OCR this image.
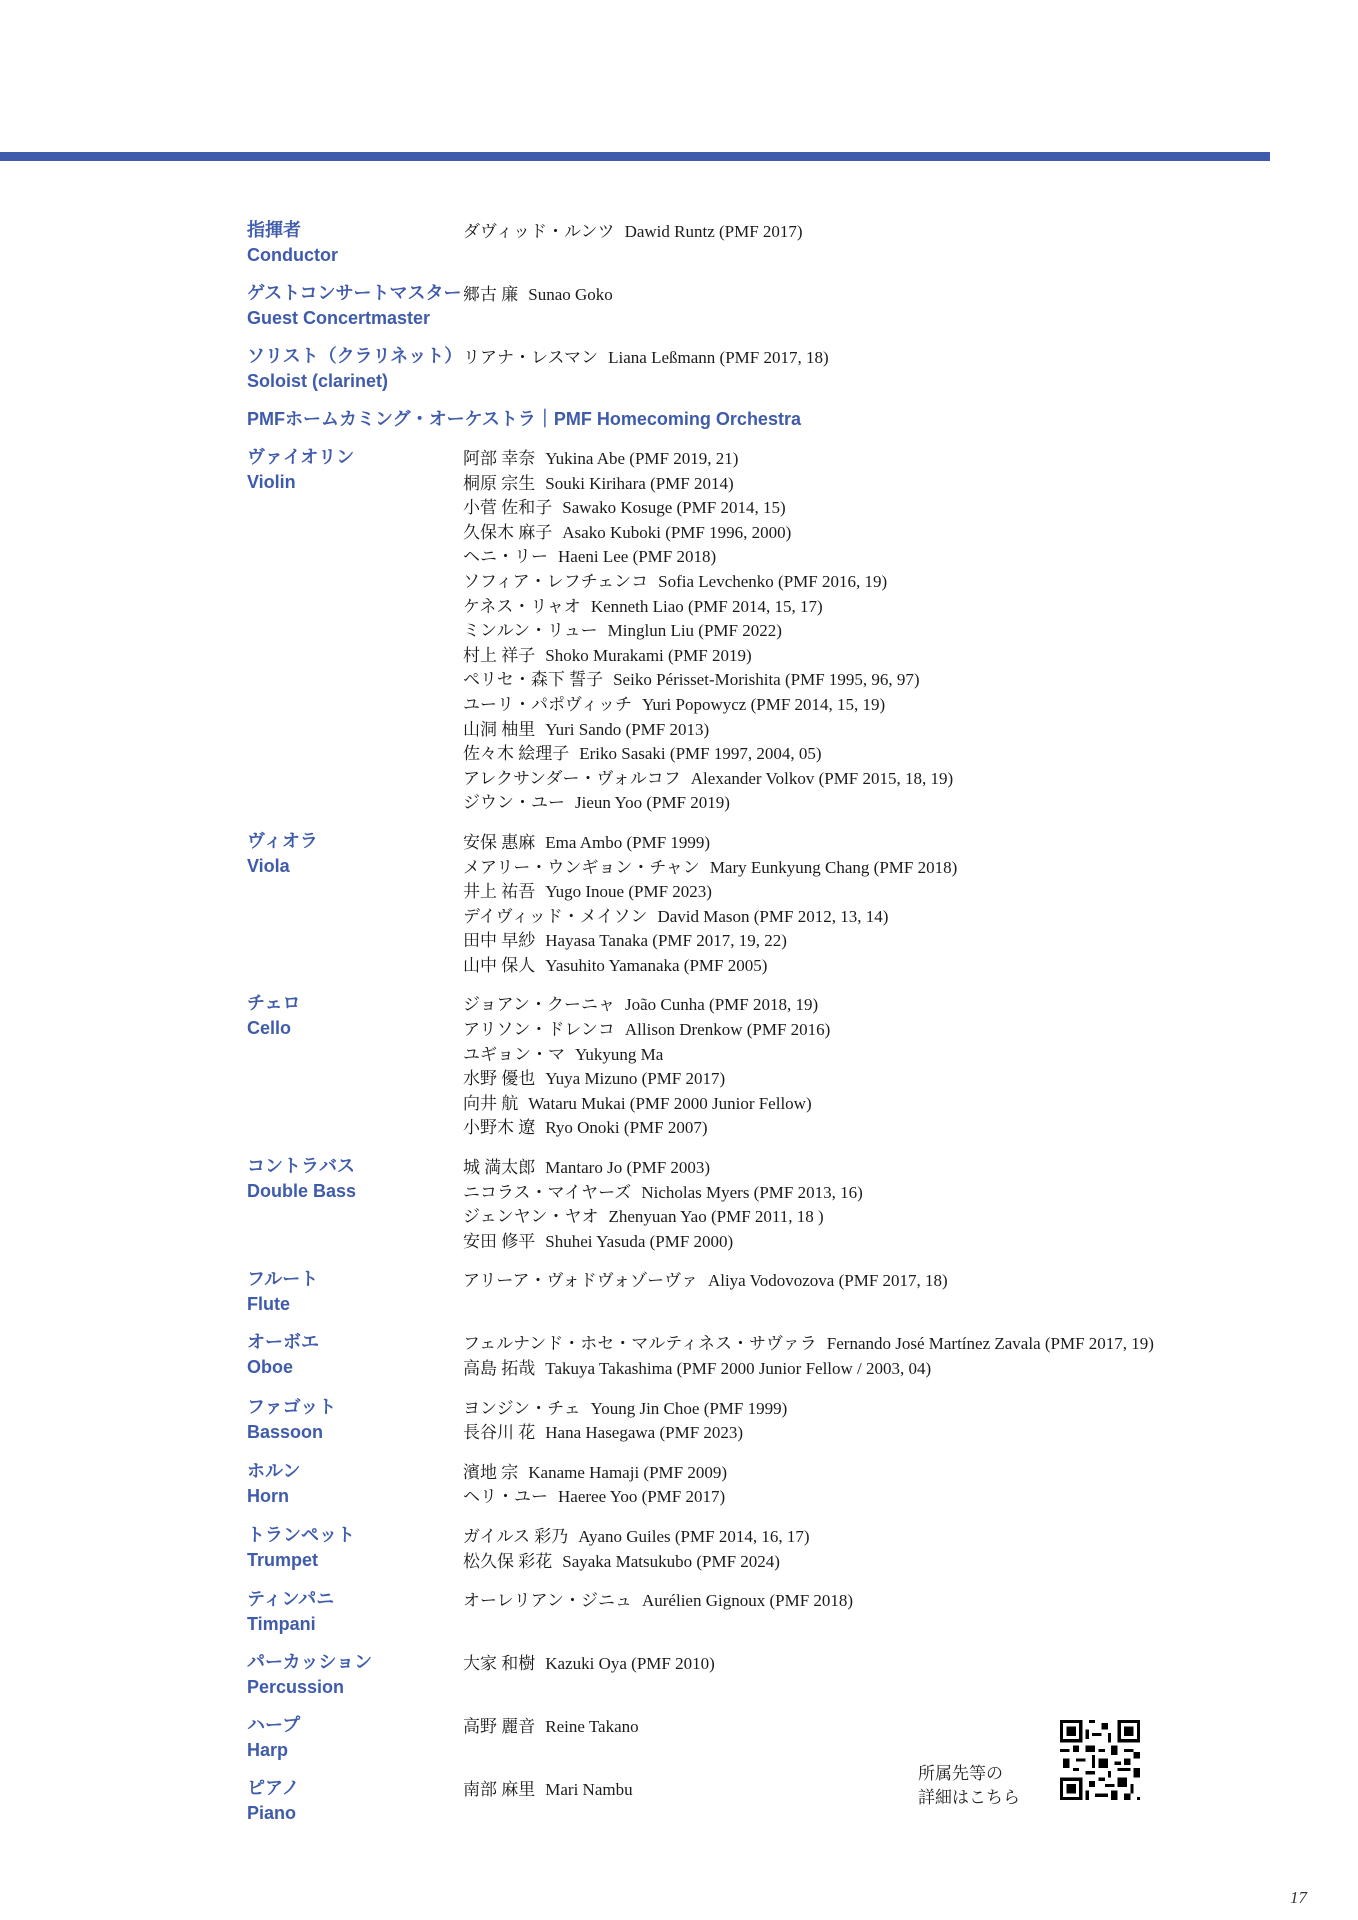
指揮者
Conductor
ダヴィッド・ルンツ Dawid Runtz (PMF 2017)
ゲストコンサートマスター
Guest Concertmaster
郷古 廉 Sunao Goko
ソリスト（クラリネット）
Soloist (clarinet)
リアナ・レスマン Liana Leßmann (PMF 2017, 18)
PMFホームカミング・オーケストラ｜PMF Homecoming Orchestra
ヴァイオリン
Violin
阿部 幸奈 Yukina Abe (PMF 2019, 21)
桐原 宗生 Souki Kirihara (PMF 2014)
小菅 佐和子 Sawako Kosuge (PMF 2014, 15)
久保木 麻子 Asako Kuboki (PMF 1996, 2000)
ヘニ・リー Haeni Lee (PMF 2018)
ソフィア・レフチェンコ Sofia Levchenko (PMF 2016, 19)
ケネス・リャオ Kenneth Liao (PMF 2014, 15, 17)
ミンルン・リュー Minglun Liu (PMF 2022)
村上 祥子 Shoko Murakami (PMF 2019)
ペリセ・森下 誓子 Seiko Périsset-Morishita (PMF 1995, 96, 97)
ユーリ・パポヴィッチ Yuri Popowycz (PMF 2014, 15, 19)
山洞 柚里 Yuri Sando (PMF 2013)
佐々木 絵理子 Eriko Sasaki (PMF 1997, 2004, 05)
アレクサンダー・ヴォルコフ Alexander Volkov (PMF 2015, 18, 19)
ジウン・ユー Jieun Yoo (PMF 2019)
ヴィオラ
Viola
安保 惠麻 Ema Ambo (PMF 1999)
メアリー・ウンギョン・チャン Mary Eunkyung Chang (PMF 2018)
井上 祐吾 Yugo Inoue (PMF 2023)
デイヴィッド・メイソン David Mason (PMF 2012, 13, 14)
田中 早紗 Hayasa Tanaka (PMF 2017, 19, 22)
山中 保人 Yasuhito Yamanaka (PMF 2005)
チェロ
Cello
ジョアン・クーニャ João Cunha (PMF 2018, 19)
アリソン・ドレンコ Allison Drenkow (PMF 2016)
ユギョン・マ Yukyung Ma
水野 優也 Yuya Mizuno (PMF 2017)
向井 航 Wataru Mukai (PMF 2000 Junior Fellow)
小野木 遼 Ryo Onoki (PMF 2007)
コントラバス
Double Bass
城 満太郎 Mantaro Jo (PMF 2003)
ニコラス・マイヤーズ Nicholas Myers (PMF 2013, 16)
ジェンヤン・ヤオ Zhenyuan Yao (PMF 2011, 18 )
安田 修平 Shuhei Yasuda (PMF 2000)
フルート
Flute
アリーア・ヴォドヴォゾーヴァ Aliya Vodovozova (PMF 2017, 18)
オーボエ
Oboe
フェルナンド・ホセ・マルティネス・サヴァラ Fernando José Martínez Zavala (PMF 2017, 19)
高島 拓哉 Takuya Takashima (PMF 2000 Junior Fellow / 2003, 04)
ファゴット
Bassoon
ヨンジン・チェ Young Jin Choe (PMF 1999)
長谷川 花 Hana Hasegawa (PMF 2023)
ホルン
Horn
濱地 宗 Kaname Hamaji (PMF 2009)
ヘリ・ユー Haeree Yoo (PMF 2017)
トランペット
Trumpet
ガイルス 彩乃 Ayano Guiles (PMF 2014, 16, 17)
松久保 彩花 Sayaka Matsukubo (PMF 2024)
ティンパニ
Timpani
オーレリアン・ジニュ Aurélien Gignoux (PMF 2018)
パーカッション
Percussion
大家 和樹 Kazuki Oya (PMF 2010)
ハープ
Harp
高野 麗音 Reine Takano
ピアノ
Piano
南部 麻里 Mari Nambu
所属先等の
詳細はこちら
17
